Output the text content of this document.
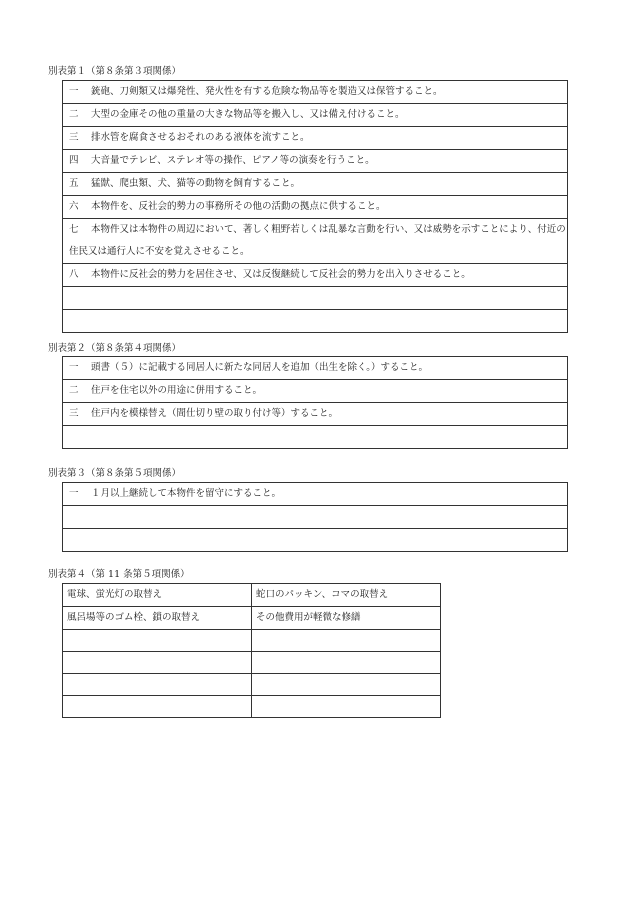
別表第１（第８条第３項関係）
一 銃砲、刀剣類又は爆発性、発火性を有する危険な物品等を製造又は保管すること。
二 大型の金庫その他の重量の大きな物品等を搬入し、又は備え付けること。
三 排水管を腐食させるおそれのある液体を流すこと。
四 大音量でテレビ、ステレオ等の操作、ピアノ等の演奏を行うこと。
五 猛獣、爬虫類、犬、猫等の動物を飼育すること。
六 本物件を、反社会的勢力の事務所その他の活動の拠点に供すること。
七 本物件又は本物件の周辺において、著しく粗野若しくは乱暴な言動を行い、又は威勢を示すことにより、付近の住民又は通行人に不安を覚えさせること。
八 本物件に反社会的勢力を居住させ、又は反復継続して反社会的勢力を出入りさせること。

別表第２（第８条第４項関係）
一 頭書（５）に記載する同居人に新たな同居人を追加（出生を除く。）すること。
二 住戸を住宅以外の用途に併用すること。
三 住戸内を模様替え（間仕切り壁の取り付け等）すること。

別表第３（第８条第５項関係）
一 １月以上継続して本物件を留守にすること。

別表第４（第 11 条第５項関係）
電球、蛍光灯の取替え	蛇口のパッキン、コマの取替え
風呂場等のゴム栓、鎖の取替え	その他費用が軽微な修繕
